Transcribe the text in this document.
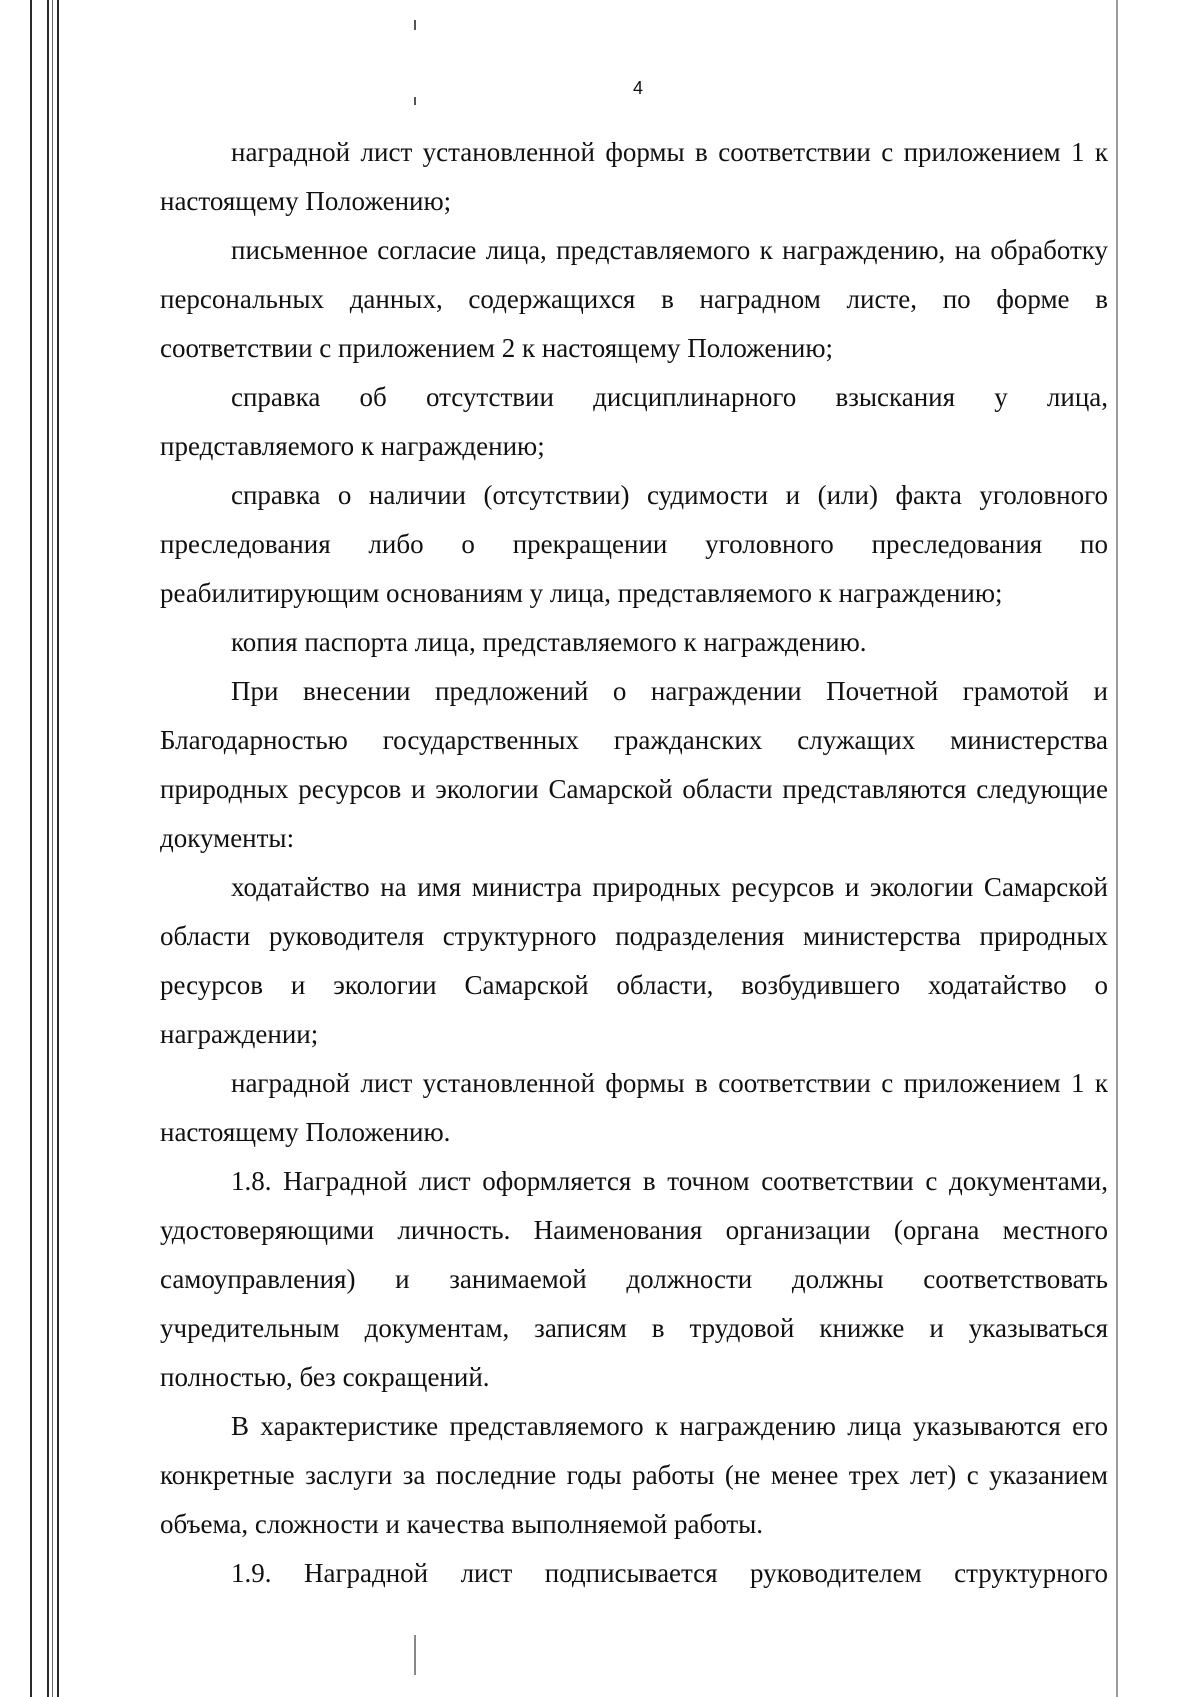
4

наградной лист установленной формы в соответствии с приложением 1 к настоящему Положению;

письменное согласие лица, представляемого к награждению, на обработку персональных данных, содержащихся в наградном листе, по форме в соответствии с приложением 2 к настоящему Положению;

справка об отсутствии дисциплинарного взыскания у лица, представляемого к награждению;

справка о наличии (отсутствии) судимости и (или) факта уголовного преследования либо о прекращении уголовного преследования по реабилитирующим основаниям у лица, представляемого к награждению;

копия паспорта лица, представляемого к награждению.

При внесении предложений о награждении Почетной грамотой и Благодарностью государственных гражданских служащих министерства природных ресурсов и экологии Самарской области представляются следующие документы:

ходатайство на имя министра природных ресурсов и экологии Самарской области руководителя структурного подразделения министерства природных ресурсов и экологии Самарской области, возбудившего ходатайство о награждении;

наградной лист установленной формы в соответствии с приложением 1 к настоящему Положению.

1.8. Наградной лист оформляется в точном соответствии с документами, удостоверяющими личность. Наименования организации (органа местного самоуправления) и занимаемой должности должны соответствовать учредительным документам, записям в трудовой книжке и указываться полностью, без сокращений.

В характеристике представляемого к награждению лица указываются его конкретные заслуги за последние годы работы (не менее трех лет) с указанием объема, сложности и качества выполняемой работы.

1.9. Наградной лист подписывается руководителем структурного
